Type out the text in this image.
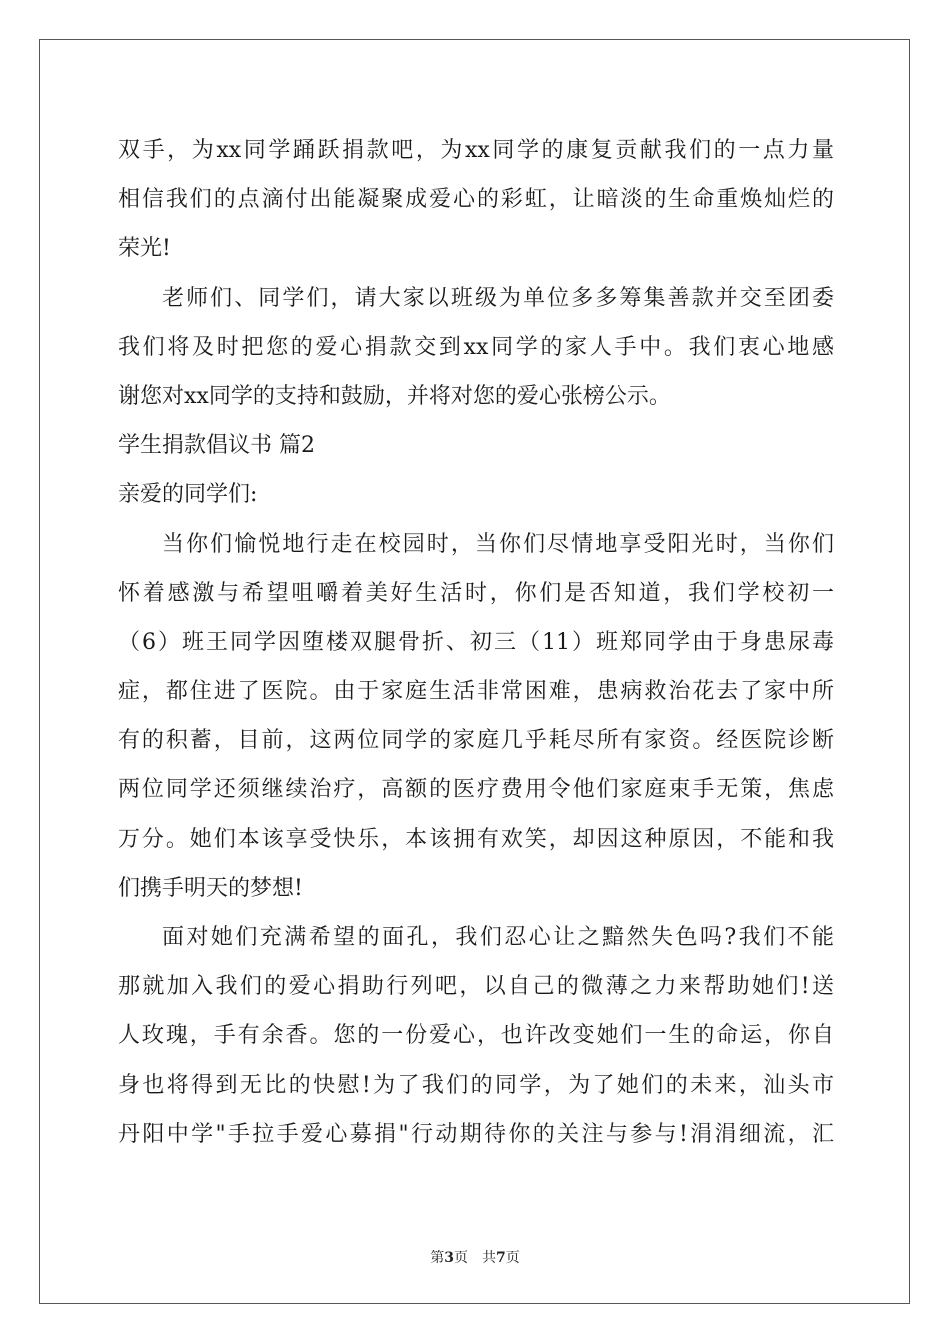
双手，为xx同学踊跃捐款吧，为xx同学的康复贡献我们的一点力量
相信我们的点滴付出能凝聚成爱心的彩虹，让暗淡的生命重焕灿烂的
荣光!
老师们、同学们，请大家以班级为单位多多筹集善款并交至团委
我们将及时把您的爱心捐款交到xx同学的家人手中。我们衷心地感
谢您对xx同学的支持和鼓励，并将对您的爱心张榜公示。
学生捐款倡议书 篇2
亲爱的同学们:
当你们愉悦地行走在校园时，当你们尽情地享受阳光时，当你们
怀着感激与希望咀嚼着美好生活时，你们是否知道，我们学校初一
（6）班王同学因堕楼双腿骨折、初三（11）班郑同学由于身患尿毒
症，都住进了医院。由于家庭生活非常困难，患病救治花去了家中所
有的积蓄，目前，这两位同学的家庭几乎耗尽所有家资。经医院诊断
两位同学还须继续治疗，高额的医疗费用令他们家庭束手无策，焦虑
万分。她们本该享受快乐，本该拥有欢笑，却因这种原因，不能和我
们携手明天的梦想!
面对她们充满希望的面孔，我们忍心让之黯然失色吗?我们不能
那就加入我们的爱心捐助行列吧，以自己的微薄之力来帮助她们!送
人玫瑰，手有余香。您的一份爱心，也许改变她们一生的命运，你自
身也将得到无比的快慰!为了我们的同学，为了她们的未来，汕头市
丹阳中学"手拉手爱心募捐"行动期待你的关注与参与!涓涓细流，汇
第3页 共7页
